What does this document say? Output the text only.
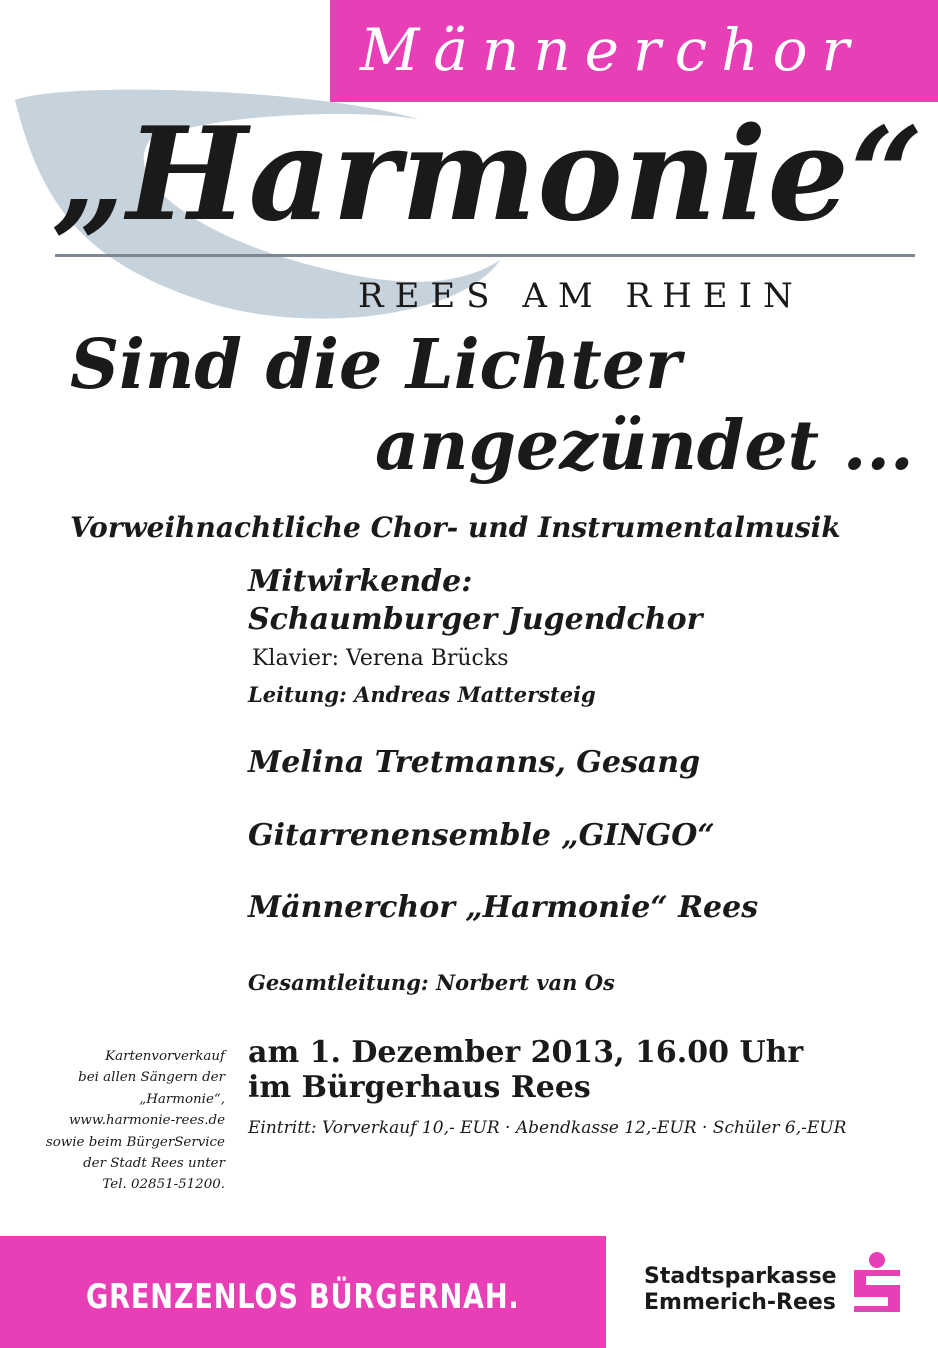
Männerchor
„Harmonie“
REES AM RHEIN
Sind die Lichter
angezündet ...
Vorweihnachtliche Chor- und Instrumentalmusik
Mitwirkende:
Schaumburger Jugendchor
Klavier: Verena Brücks
Leitung: Andreas Mattersteig
Melina Tretmanns, Gesang
Gitarrenensemble „GINGO“
Männerchor „Harmonie“ Rees
Gesamtleitung: Norbert van Os
am 1. Dezember 2013, 16.00 Uhr
im Bürgerhaus Rees
Eintritt: Vorverkauf 10,- EUR · Abendkasse 12,-EUR · Schüler 6,-EUR
Kartenvorverkauf
bei allen Sängern der
„Harmonie“,
www.harmonie-rees.de
sowie beim BürgerService
der Stadt Rees unter
Tel. 02851-51200.
GRENZENLOS BÜRGERNAH.
Stadtsparkasse
Emmerich-Rees
